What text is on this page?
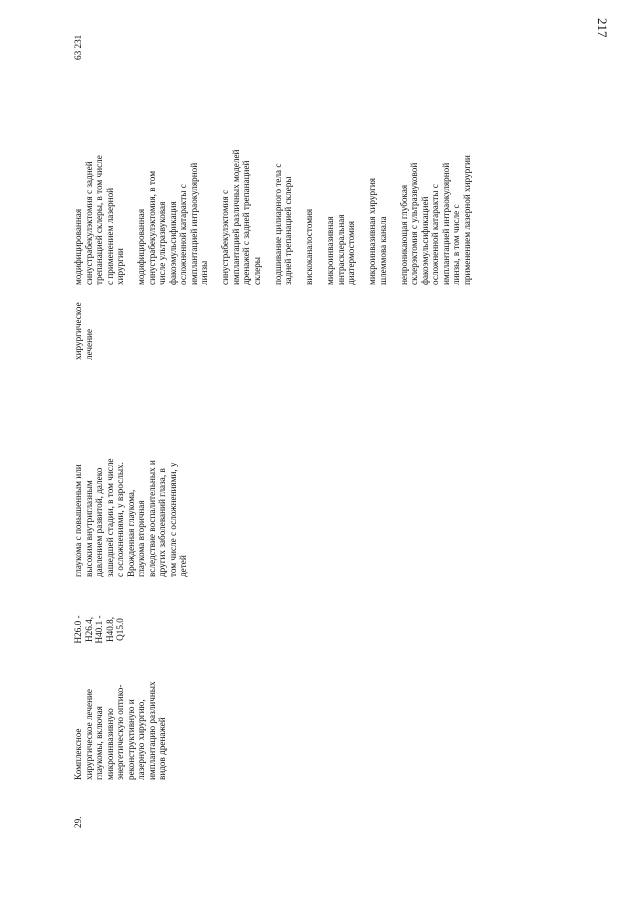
217
29.

Комплексное хирургическое лечение глаукомы, включая микроинвазивную энергетическую оптико- реконструктивную и лазерную хирургию, имплантацию различных видов дренажей

H26.0 - H26.4, H40.1 - H40.8, Q15.0

глаукома с повышенным или высоким внутриглазным давлением развитой, далеко зашедшей стадии, в том числе с осложнениями, у взрослых. Врожденная глаукома, глаукома вторичная вследствие воспалительных и других заболеваний глаза, в том числе с осложнениями, у детей

хирургическое лечение

модифицированная синустрабекулэктомия с задней трепанацией склеры, в том числе с применением лазерной хирургии модифицированная синустрабекулэктомия, в том числе ультразвуковая факоэмульсификация осложненной катаракты с имплантацией интраокулярной линзы синустрабекулэктомия с имплантацией различных моделей дренажей с задней трепанацией склеры подшивание цилиарного тела с задней трепанацией склеры вискоканалостомия микроинвазивная интрасклеральная диатермостомия микроинвазивная хирургия шлеммова канала непроникающая глубокая склерэктомия с ультразвуковой факоэмульсификацией осложненной катаракты с имплантацией интраокулярной линзы, в том числе с применением лазерной хирургии

63 231
